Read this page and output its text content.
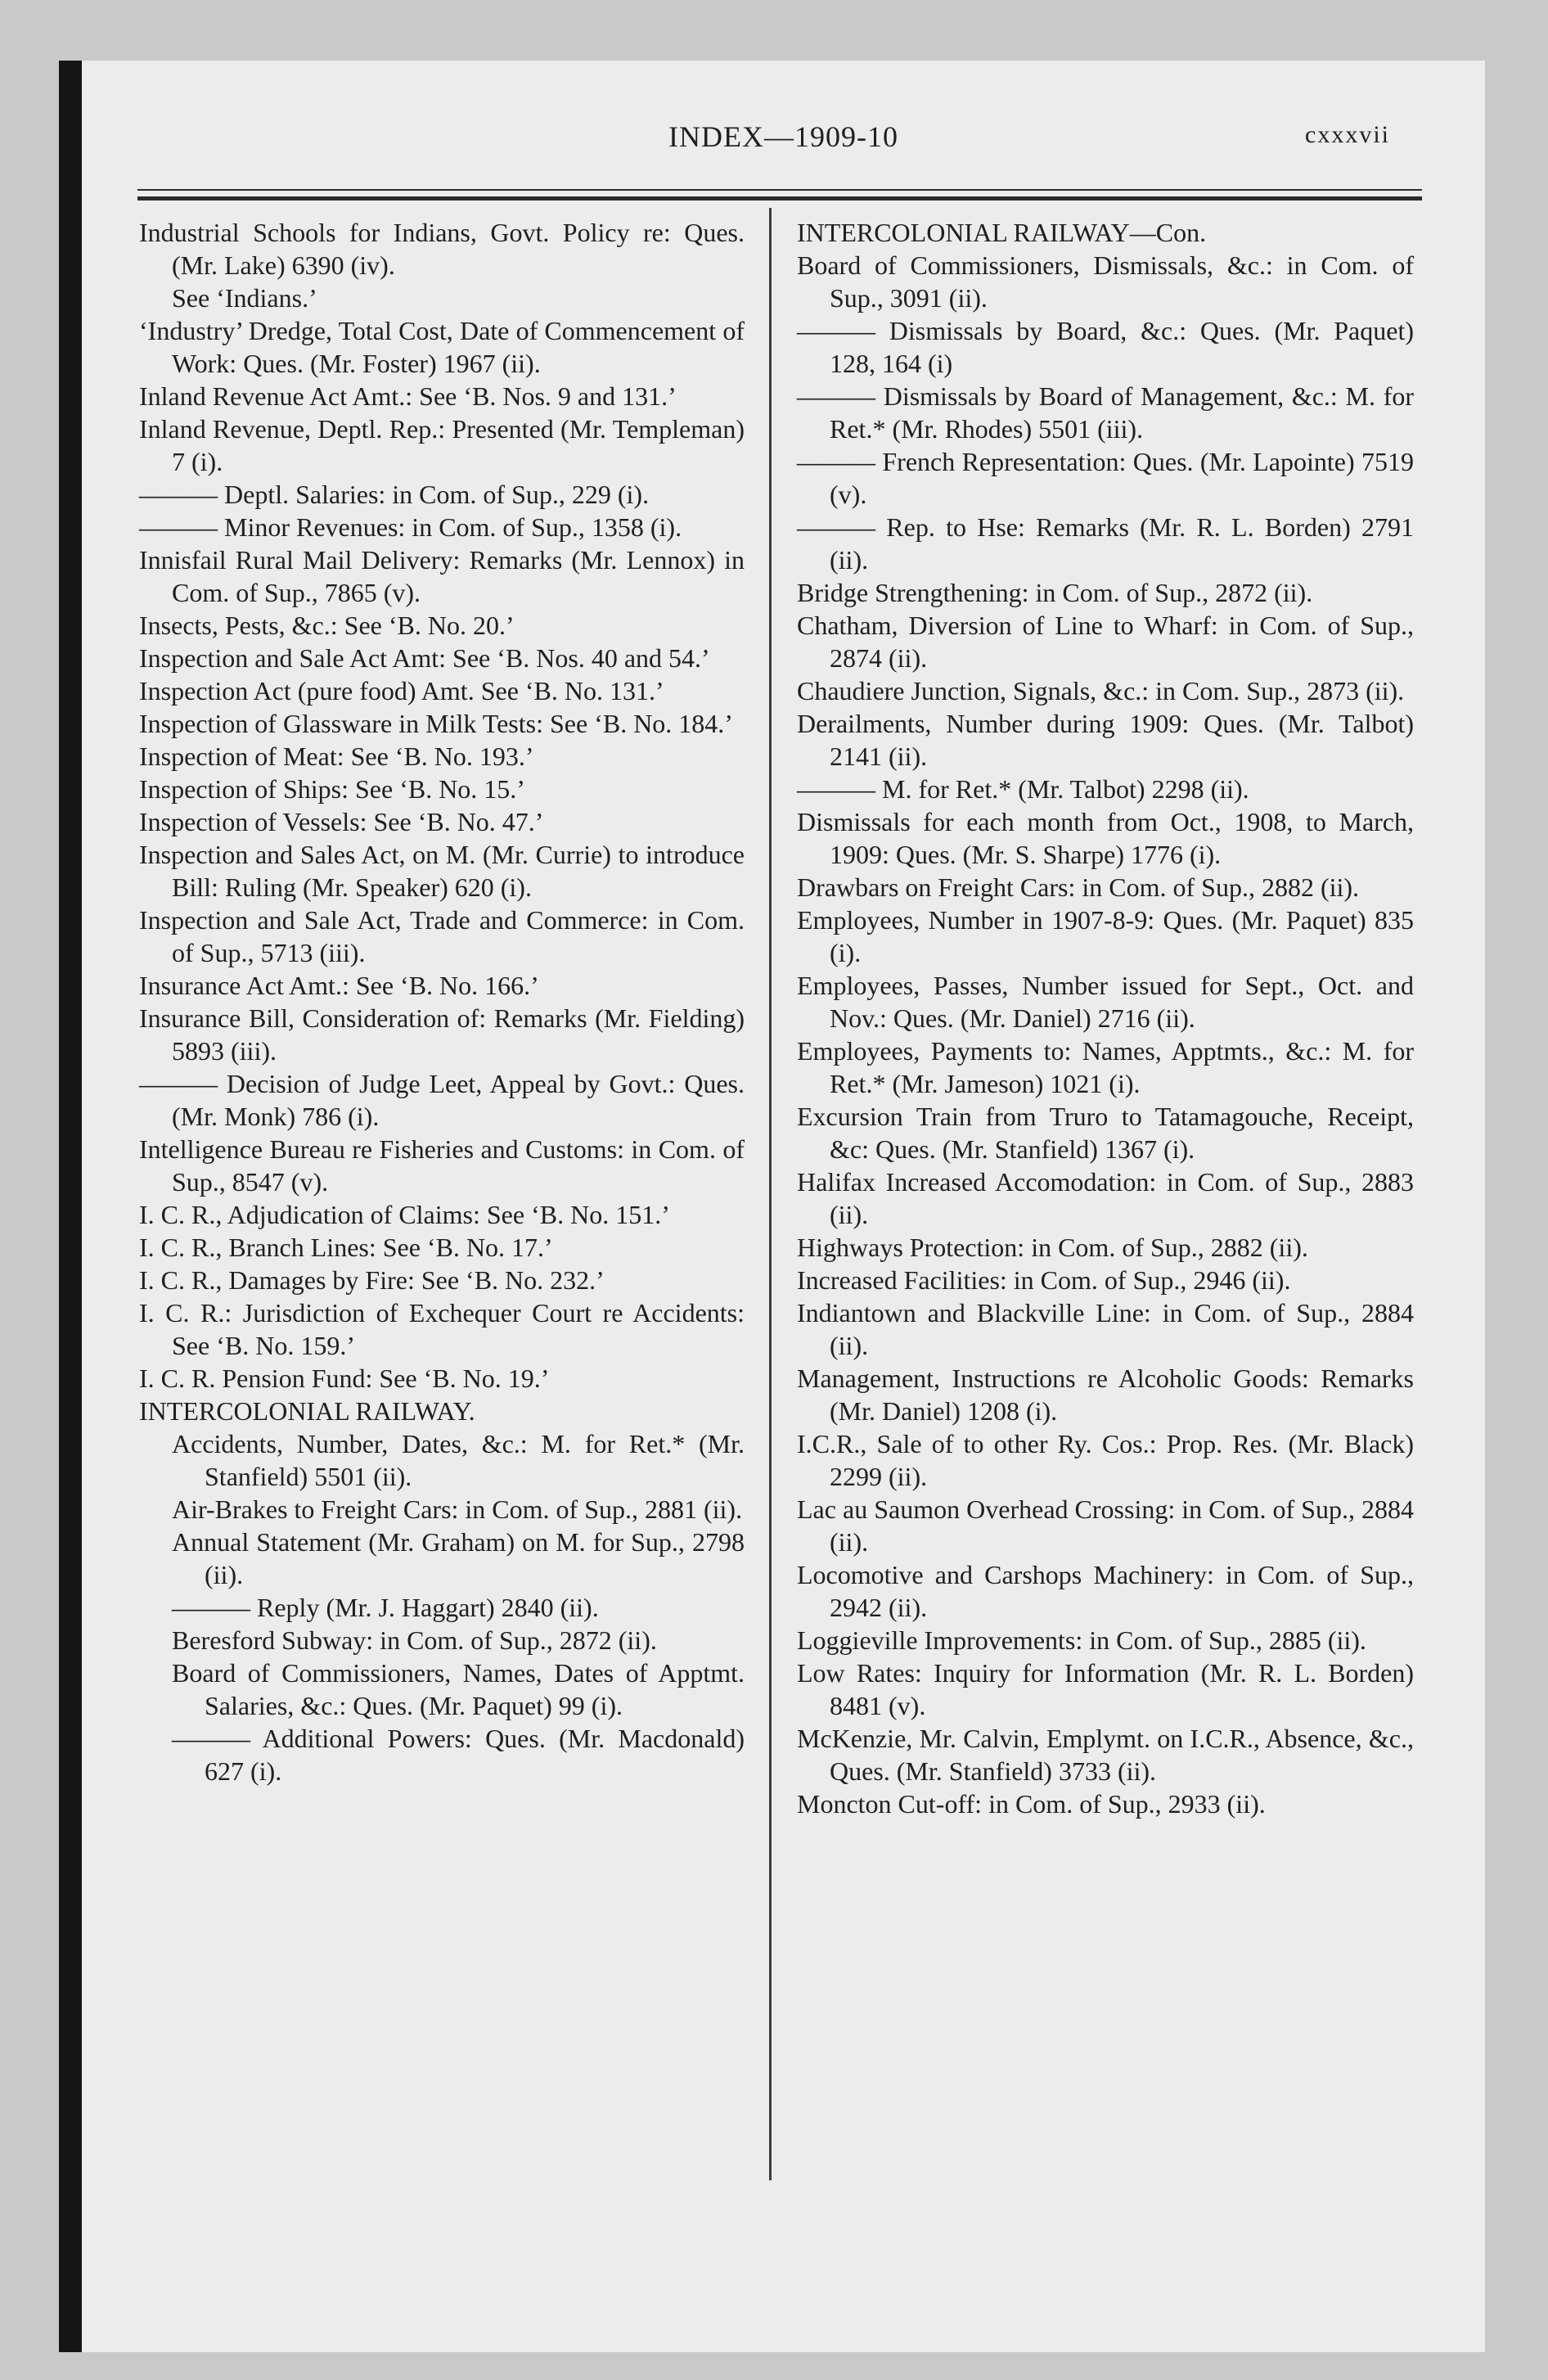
INDEX—1909-10	cxxxvii

Industrial Schools for Indians, Govt. Policy re: Ques. (Mr. Lake) 6390 (iv).

See ‘Indians.’

‘Industry’ Dredge, Total Cost, Date of Commencement of Work: Ques. (Mr. Foster) 1967 (ii).

Inland Revenue Act Amt.: See ‘B. Nos. 9 and 131.’

Inland Revenue, Deptl. Rep.: Presented (Mr. Templeman) 7 (i).

——— Deptl. Salaries: in Com. of Sup., 229 (i).

——— Minor Revenues: in Com. of Sup., 1358 (i).

Innisfail Rural Mail Delivery: Remarks (Mr. Lennox) in Com. of Sup., 7865 (v).

Insects, Pests, &c.: See ‘B. No. 20.’

Inspection and Sale Act Amt: See ‘B. Nos. 40 and 54.’

Inspection Act (pure food) Amt. See ‘B. No. 131.’

Inspection of Glassware in Milk Tests: See ‘B. No. 184.’

Inspection of Meat: See ‘B. No. 193.’

Inspection of Ships: See ‘B. No. 15.’

Inspection of Vessels: See ‘B. No. 47.’

Inspection and Sales Act, on M. (Mr. Currie) to introduce Bill: Ruling (Mr. Speaker) 620 (i).

Inspection and Sale Act, Trade and Commerce: in Com. of Sup., 5713 (iii).

Insurance Act Amt.: See ‘B. No. 166.’

Insurance Bill, Consideration of: Remarks (Mr. Fielding) 5893 (iii).

——— Decision of Judge Leet, Appeal by Govt.: Ques. (Mr. Monk) 786 (i).

Intelligence Bureau re Fisheries and Customs: in Com. of Sup., 8547 (v).

I. C. R., Adjudication of Claims: See ‘B. No. 151.’

I. C. R., Branch Lines: See ‘B. No. 17.’

I. C. R., Damages by Fire: See ‘B. No. 232.’

I. C. R.: Jurisdiction of Exchequer Court re Accidents: See ‘B. No. 159.’

I. C. R. Pension Fund: See ‘B. No. 19.’

INTERCOLONIAL RAILWAY.

Accidents, Number, Dates, &c.: M. for Ret.* (Mr. Stanfield) 5501 (ii).

Air-Brakes to Freight Cars: in Com. of Sup., 2881 (ii).

Annual Statement (Mr. Graham) on M. for Sup., 2798 (ii).

——— Reply (Mr. J. Haggart) 2840 (ii).

Beresford Subway: in Com. of Sup., 2872 (ii).

Board of Commissioners, Names, Dates of Apptmt. Salaries, &c.: Ques. (Mr. Paquet) 99 (i).

——— Additional Powers: Ques. (Mr. Macdonald) 627 (i).

INTERCOLONIAL RAILWAY—Con.

Board of Commissioners, Dismissals, &c.: in Com. of Sup., 3091 (ii).

——— Dismissals by Board, &c.: Ques. (Mr. Paquet) 128, 164 (i)

——— Dismissals by Board of Management, &c.: M. for Ret.* (Mr. Rhodes) 5501 (iii).

——— French Representation: Ques. (Mr. Lapointe) 7519 (v).

——— Rep. to Hse: Remarks (Mr. R. L. Borden) 2791 (ii).

Bridge Strengthening: in Com. of Sup., 2872 (ii).

Chatham, Diversion of Line to Wharf: in Com. of Sup., 2874 (ii).

Chaudiere Junction, Signals, &c.: in Com. Sup., 2873 (ii).

Derailments, Number during 1909: Ques. (Mr. Talbot) 2141 (ii).

——— M. for Ret.* (Mr. Talbot) 2298 (ii).

Dismissals for each month from Oct., 1908, to March, 1909: Ques. (Mr. S. Sharpe) 1776 (i).

Drawbars on Freight Cars: in Com. of Sup., 2882 (ii).

Employees, Number in 1907-8-9: Ques. (Mr. Paquet) 835 (i).

Employees, Passes, Number issued for Sept., Oct. and Nov.: Ques. (Mr. Daniel) 2716 (ii).

Employees, Payments to: Names, Apptmts., &c.: M. for Ret.* (Mr. Jameson) 1021 (i).

Excursion Train from Truro to Tatamagouche, Receipt, &c: Ques. (Mr. Stanfield) 1367 (i).

Halifax Increased Accomodation: in Com. of Sup., 2883 (ii).

Highways Protection: in Com. of Sup., 2882 (ii).

Increased Facilities: in Com. of Sup., 2946 (ii).

Indiantown and Blackville Line: in Com. of Sup., 2884 (ii).

Management, Instructions re Alcoholic Goods: Remarks (Mr. Daniel) 1208 (i).

I.C.R., Sale of to other Ry. Cos.: Prop. Res. (Mr. Black) 2299 (ii).

Lac au Saumon Overhead Crossing: in Com. of Sup., 2884 (ii).

Locomotive and Carshops Machinery: in Com. of Sup., 2942 (ii).

Loggieville Improvements: in Com. of Sup., 2885 (ii).

Low Rates: Inquiry for Information (Mr. R. L. Borden) 8481 (v).

McKenzie, Mr. Calvin, Emplymt. on I.C.R., Absence, &c., Ques. (Mr. Stanfield) 3733 (ii).

Moncton Cut-off: in Com. of Sup., 2933 (ii).
